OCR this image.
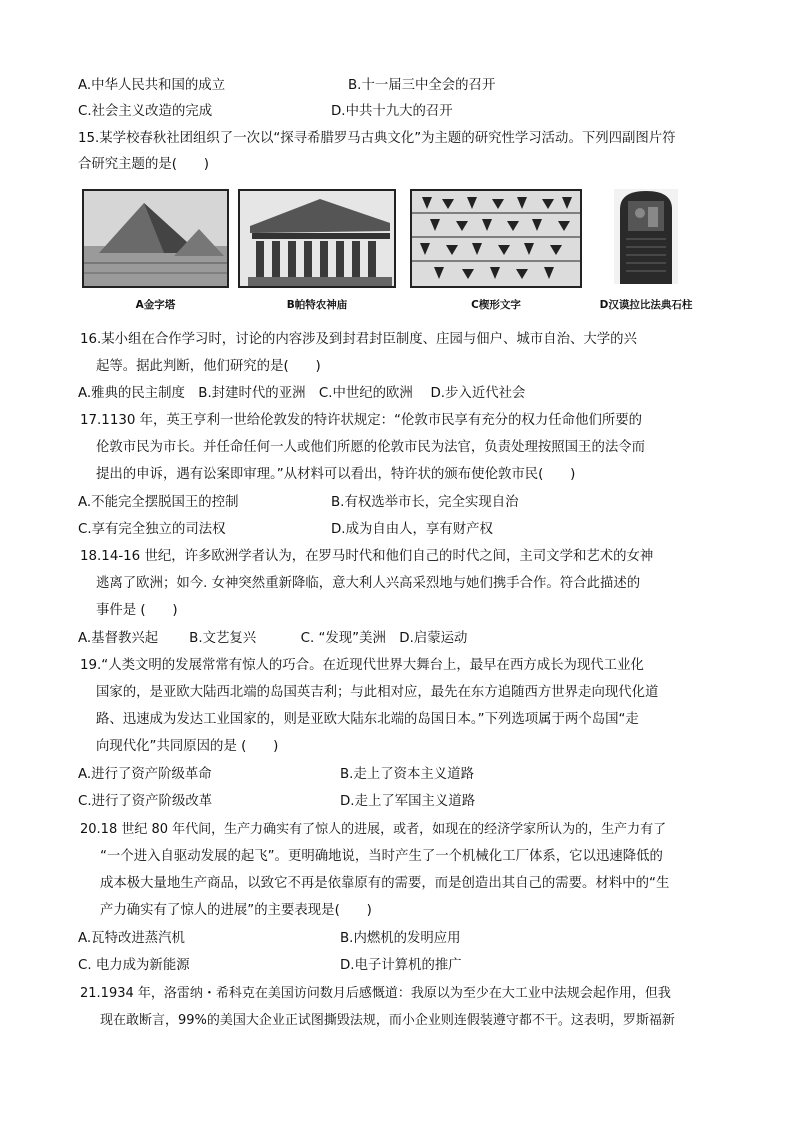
A.中华人民共和国的成立	B.十一届三中全会的召开
C.社会主义改造的完成	D.中共十九大的召开
15.某学校春秋社团组织了一次以“探寻希腊罗马古典文化”为主题的研究性学习活动。下列四副图片符
合研究主题的是(　　)
A金字塔	B帕特农神庙	C楔形文字	D汉谟拉比法典石柱
16.某小组在合作学习时，讨论的内容涉及到封君封臣制度、庄园与佃户、城市自治、大学的兴
起等。据此判断，他们研究的是(　　)
A.雅典的民主制度　B.封建时代的亚洲　C.中世纪的欧洲　 D.步入近代社会
17.1130 年，英王亨利一世给伦敦发的特许状规定：“伦敦市民享有充分的权力任命他们所要的
伦敦市民为市长。并任命任何一人或他们所愿的伦敦市民为法官，负责处理按照国王的法令而
提出的申诉，遇有讼案即审理。”从材料可以看出，特许状的颁布使伦敦市民(　　)
A.不能完全摆脱国王的控制	B.有权选举市长，完全实现自治
C.享有完全独立的司法权	D.成为自由人，享有财产权
18.14-16 世纪，许多欧洲学者认为，在罗马时代和他们自己的时代之间，主司文学和艺术的女神
逃离了欧洲；如今. 女神突然重新降临，意大利人兴高采烈地与她们携手合作。符合此描述的
事件是 (　　)
A.基督教兴起　　 B.文艺复兴　　　 C. “发现”美洲　D.启蒙运动
19.“人类文明的发展常常有惊人的巧合。在近现代世界大舞台上，最早在西方成长为现代工业化
国家的，是亚欧大陆西北端的岛国英吉利；与此相对应，最先在东方追随西方世界走向现代化道
路、迅速成为发达工业国家的，则是亚欧大陆东北端的岛国日本。”下列选项属于两个岛国“走
向现代化”共同原因的是 (　　)
A.进行了资产阶级革命	B.走上了资本主义道路
C.进行了资产阶级改革	D.走上了军国主义道路
20.18 世纪 80 年代间，生产力确实有了惊人的进展，或者，如现在的经济学家所认为的，生产力有了
“一个进入自驱动发展的起飞”。更明确地说，当时产生了一个机械化工厂体系，它以迅速降低的
成本极大量地生产商品，以致它不再是依靠原有的需要，而是创造出其自己的需要。材料中的“生
产力确实有了惊人的进展”的主要表现是(　　)
A.瓦特改进蒸汽机	B.内燃机的发明应用
C. 电力成为新能源	D.电子计算机的推广
21.1934 年，洛雷纳・希科克在美国访问数月后感慨道：我原以为至少在大工业中法规会起作用，但我
现在敢断言，99%的美国大企业正试图撕毁法规，而小企业则连假装遵守都不干。这表明，罗斯福新
